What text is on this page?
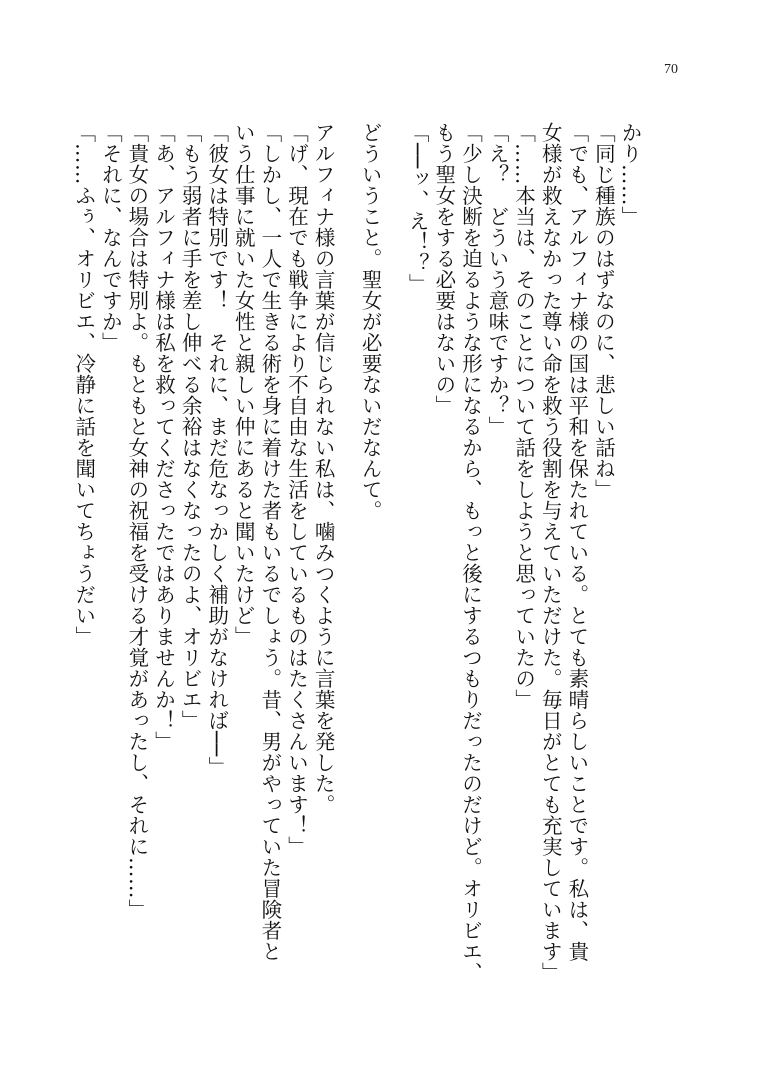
70

かり……」

「同じ種族のはずなのに、悲しい話ね」

「でも、アルフィナ様の国は平和を保たれている。とても素晴らしいことです。私は、貴

女様が救えなかった尊い命を救う役割を与えていただけた。毎日がとても充実しています」

「……本当は、そのことについて話をしようと思っていたの」

「え？　どういう意味ですか？」

「少し決断を迫るような形になるから、もっと後にするつもりだったのだけど。オリビエ、

もう聖女をする必要はないの」

「──ッ、え！？」

どういうこと。聖女が必要ないだなんて。

アルフィナ様の言葉が信じられない私は、噛みつくように言葉を発した。

「げ、現在でも戦争により不自由な生活をしているものはたくさんいます！」

「しかし、一人で生きる術を身に着けた者もいるでしょう。昔、男がやっていた冒険者と

いう仕事に就いた女性と親しい仲にあると聞いたけど」

「彼女は特別です！　それに、まだ危なっかしく補助がなければ──」

「もう弱者に手を差し伸べる余裕はなくなったのよ、オリビエ」

「あ、アルフィナ様は私を救ってくださったではありませんか！」

「貴女の場合は特別よ。もともと女神の祝福を受ける才覚があったし、それに……」

「それに、なんですか」

「……ふぅ、オリビエ、冷静に話を聞いてちょうだい」
